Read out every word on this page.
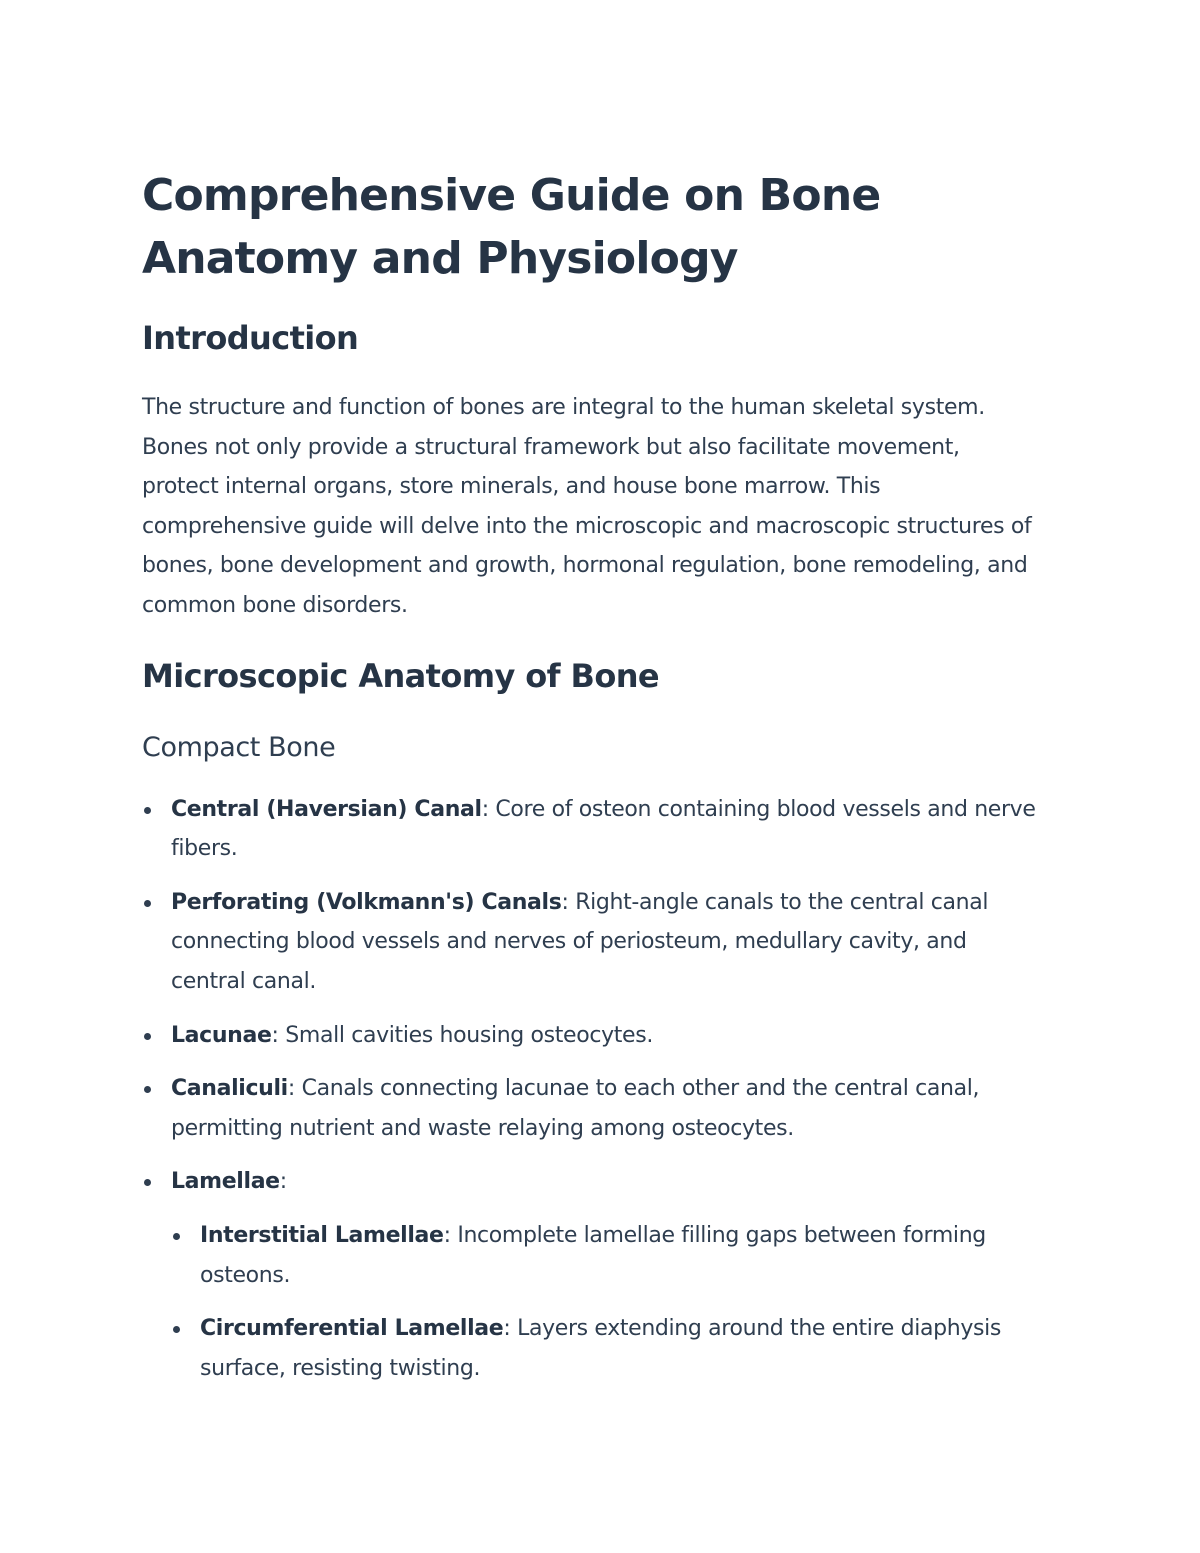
Comprehensive Guide on Bone Anatomy and Physiology
Introduction

The structure and function of bones are integral to the human skeletal system. Bones not only provide a structural framework but also facilitate movement, protect internal organs, store minerals, and house bone marrow. This comprehensive guide will delve into the microscopic and macroscopic structures of bones, bone development and growth, hormonal regulation, bone remodeling, and common bone disorders.

Microscopic Anatomy of Bone
Compact Bone
Central (Haversian) Canal: Core of osteon containing blood vessels and nerve fibers.
Perforating (Volkmann's) Canals: Right-angle canals to the central canal connecting blood vessels and nerves of periosteum, medullary cavity, and central canal.
Lacunae: Small cavities housing osteocytes.
Canaliculi: Canals connecting lacunae to each other and the central canal, permitting nutrient and waste relaying among osteocytes.
Lamellae:
Interstitial Lamellae: Incomplete lamellae filling gaps between forming osteons.
Circumferential Lamellae: Layers extending around the entire diaphysis surface, resisting twisting.
